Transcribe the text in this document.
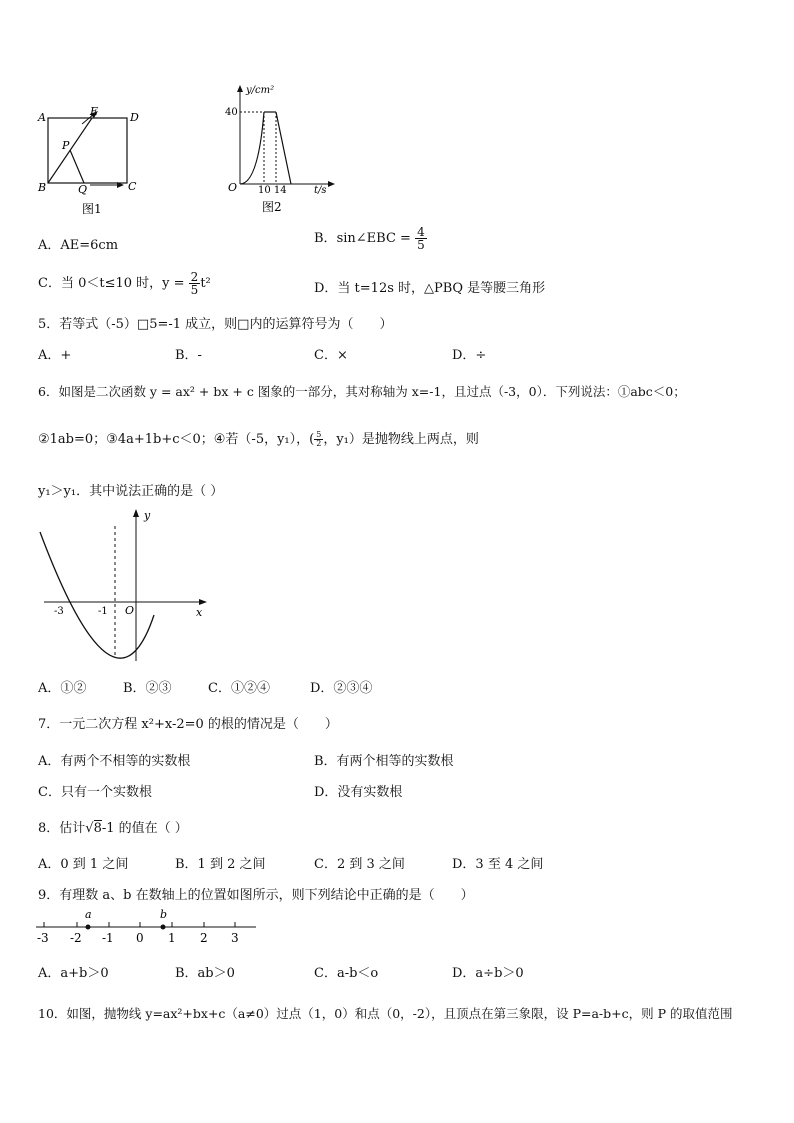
A	E	D
P
B	Q	C
图1
y/cm²
40
O 10 14	t/s
图2
A．AE=6cm	B．sin∠EBC = $\frac{4}{5}$
C．当 0＜t≤10 时，$y = \frac{2}{5} t^2$	D．当 t=12s 时，△PBQ 是等腰三角形
5．若等式（-5）□5=-1 成立，则□内的运算符号为（　　）
A．+	B．-	C．×	D．÷
6．如图是二次函数 y = ax² + bx + c 图象的一部分，其对称轴为 x=-1，且过点（-3，0）．下列说法：①abc＜0；
②1ab=0；③4a+1b+c＜0；④若（-5，y₁），( $\frac{5}{2}$ ，y₁）是抛物线上两点，则
y₁＞y₁．其中说法正确的是（ ）
y
x
O
-3	-1
A．①②	B．②③	C．①②④	D．②③④
7．一元二次方程 x²+x-2=0 的根的情况是（　　）
A．有两个不相等的实数根	B．有两个相等的实数根
C．只有一个实数根	D．没有实数根
8．估计√8-1 的值在（ ）
A．0 到 1 之间	B．1 到 2 之间	C．2 到 3 之间	D．3 至 4 之间
9．有理数 a、b 在数轴上的位置如图所示，则下列结论中正确的是（　　）
a	b
-3 -2 -1 0 1 2 3
A．a+b＞0	B．ab＞0	C．a-b＜o	D．a÷b＞0
10．如图，抛物线 y=ax²+bx+c（a≠0）过点（1，0）和点（0，-2），且顶点在第三象限，设 P=a-b+c，则 P 的取值范围
